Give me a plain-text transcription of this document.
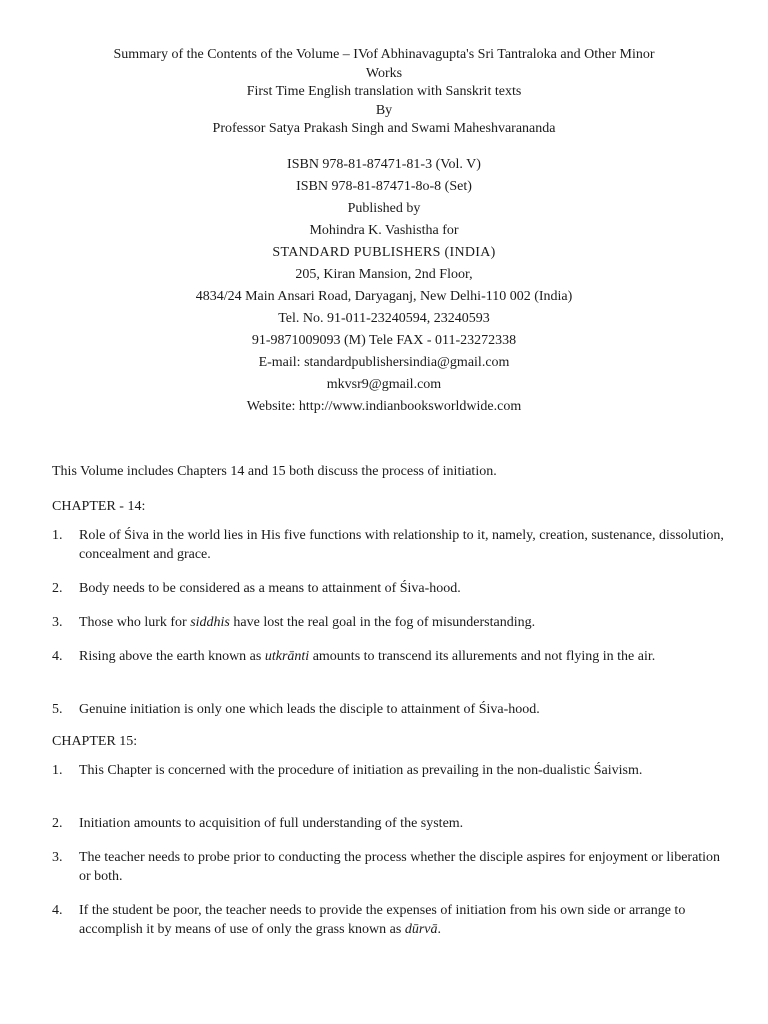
Summary of the Contents of the Volume – IVof Abhinavagupta's Sri Tantraloka and Other Minor
Works
First Time English translation with Sanskrit texts
By
Professor Satya Prakash Singh and Swami Maheshvarananda
ISBN 978-81-87471-81-3 (Vol. V)
ISBN 978-81-87471-8o-8 (Set)
Published by
Mohindra K. Vashistha for
STANDARD PUBLISHERS (INDIA)
205, Kiran Mansion, 2nd Floor,
4834/24 Main Ansari Road, Daryaganj, New Delhi-110 002 (India)
Tel. No. 91-011-23240594, 23240593
91-9871009093 (M) Tele FAX - 011-23272338
E-mail: standardpublishersindia@gmail.com
mkvsr9@gmail.com
Website: http://www.indianbooksworldwide.com
This Volume includes Chapters 14 and 15 both discuss the process of initiation.
CHAPTER - 14:
1.	Role of Śiva in the world lies in His five functions with relationship to it, namely, creation, sustenance, dissolution, concealment and grace.
2.	Body needs to be considered as a means to attainment of Śiva-hood.
3.	Those who lurk for siddhis have lost the real goal in the fog of misunderstanding.
4.	Rising above the earth known as utkrānti amounts to transcend its allurements and not flying in the air.
5.	Genuine initiation is only one which leads the disciple to attainment of Śiva-hood.
CHAPTER 15:
1.	This Chapter is concerned with the procedure of initiation as prevailing in the non-dualistic Śaivism.
2.	Initiation amounts to acquisition of full understanding of the system.
3.	The teacher needs to probe prior to conducting the process whether the disciple aspires for enjoyment or liberation or both.
4.	If the student be poor, the teacher needs to provide the expenses of initiation from his own side or arrange to accomplish it by means of use of only the grass known as dūrvā.
